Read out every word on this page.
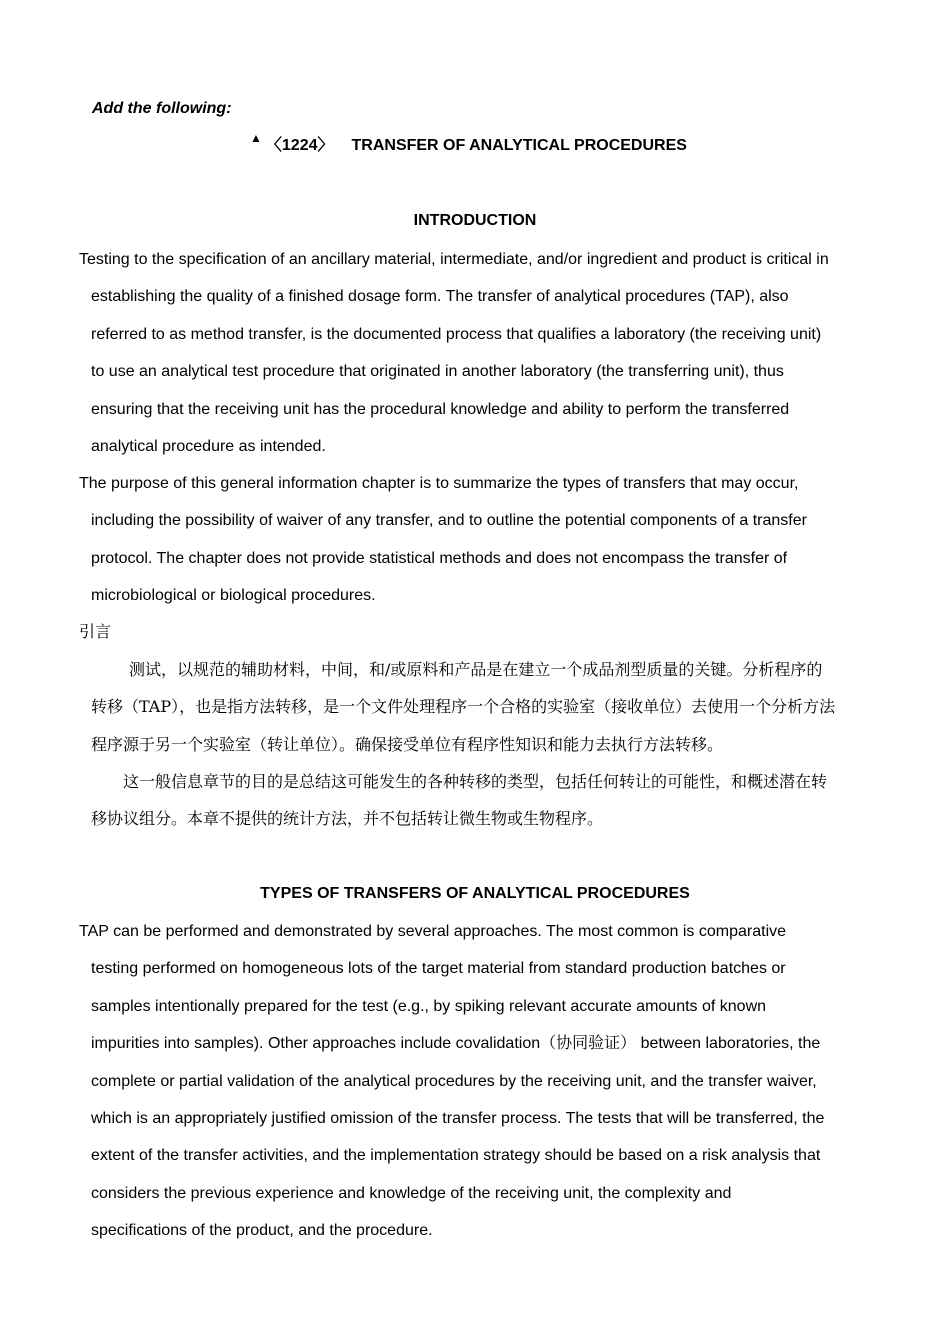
Add the following:
▲ 〈1224〉 TRANSFER OF ANALYTICAL PROCEDURES
INTRODUCTION

Testing to the specification of an ancillary material, intermediate, and/or ingredient and product is critical in
establishing the quality of a finished dosage form. The transfer of analytical procedures (TAP), also
referred to as method transfer, is the documented process that qualifies a laboratory (the receiving unit)
to use an analytical test procedure that originated in another laboratory (the transferring unit), thus
ensuring that the receiving unit has the procedural knowledge and ability to perform the transferred
analytical procedure as intended.

The purpose of this general information chapter is to summarize the types of transfers that may occur,
including the possibility of waiver of any transfer, and to outline the potential components of a transfer
protocol. The chapter does not provide statistical methods and does not encompass the transfer of
microbiological or biological procedures.

引言

测试，以规范的辅助材料，中间，和/或原料和产品是在建立一个成品剂型质量的关键。分析程序的
转移（TAP），也是指方法转移，是一个文件处理程序一个合格的实验室（接收单位）去使用一个分析方法
程序源于另一个实验室（转让单位）。确保接受单位有程序性知识和能力去执行方法转移。

这一般信息章节的目的是总结这可能发生的各种转移的类型，包括任何转让的可能性，和概述潜在转
移协议组分。本章不提供的统计方法，并不包括转让微生物或生物程序。

TYPES OF TRANSFERS OF ANALYTICAL PROCEDURES

TAP can be performed and demonstrated by several approaches. The most common is comparative
testing performed on homogeneous lots of the target material from standard production batches or
samples intentionally prepared for the test (e.g., by spiking relevant accurate amounts of known
impurities into samples). Other approaches include covalidation（协同验证） between laboratories, the
complete or partial validation of the analytical procedures by the receiving unit, and the transfer waiver,
which is an appropriately justified omission of the transfer process. The tests that will be transferred, the
extent of the transfer activities, and the implementation strategy should be based on a risk analysis that
considers the previous experience and knowledge of the receiving unit, the complexity and
specifications of the product, and the procedure.
